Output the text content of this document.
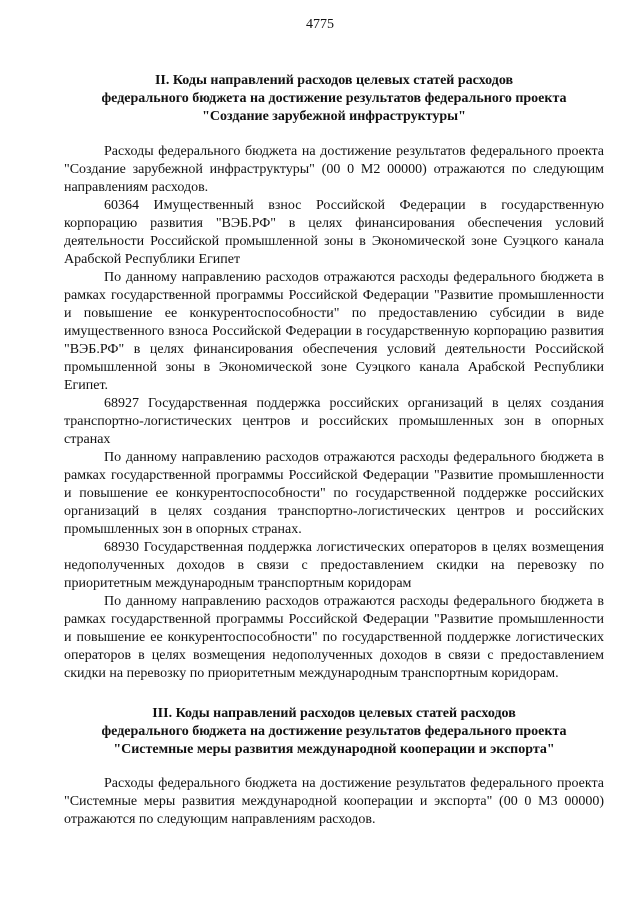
4775

II. Коды направлений расходов целевых статей расходов

федерального бюджета на достижение результатов федерального проекта

"Создание зарубежной инфраструктуры"

Расходы федерального бюджета на достижение результатов федерального проекта "Создание зарубежной инфраструктуры" (00 0 M2 00000) отражаются по следующим направлениям расходов.

60364 Имущественный взнос Российской Федерации в государственную корпорацию развития "ВЭБ.РФ" в целях финансирования обеспечения условий деятельности Российской промышленной зоны в Экономической зоне Суэцкого канала Арабской Республики Египет

По данному направлению расходов отражаются расходы федерального бюджета в рамках государственной программы Российской Федерации "Развитие промышленности и повышение ее конкурентоспособности" по предоставлению субсидии в виде имущественного взноса Российской Федерации в государственную корпорацию развития "ВЭБ.РФ" в целях финансирования обеспечения условий деятельности Российской промышленной зоны в Экономической зоне Суэцкого канала Арабской Республики Египет.

68927 Государственная поддержка российских организаций в целях создания транспортно-логистических центров и российских промышленных зон в опорных странах

По данному направлению расходов отражаются расходы федерального бюджета в рамках государственной программы Российской Федерации "Развитие промышленности и повышение ее конкурентоспособности" по государственной поддержке российских организаций в целях создания транспортно-логистических центров и российских промышленных зон в опорных странах.

68930 Государственная поддержка логистических операторов в целях возмещения недополученных доходов в связи с предоставлением скидки на перевозку по приоритетным международным транспортным коридорам

По данному направлению расходов отражаются расходы федерального бюджета в рамках государственной программы Российской Федерации "Развитие промышленности и повышение ее конкурентоспособности" по государственной поддержке логистических операторов в целях возмещения недополученных доходов в связи с предоставлением скидки на перевозку по приоритетным международным транспортным коридорам.

III. Коды направлений расходов целевых статей расходов

федерального бюджета на достижение результатов федерального проекта

"Системные меры развития международной кооперации и экспорта"

Расходы федерального бюджета на достижение результатов федерального проекта "Системные меры развития международной кооперации и экспорта" (00 0 M3 00000) отражаются по следующим направлениям расходов.
